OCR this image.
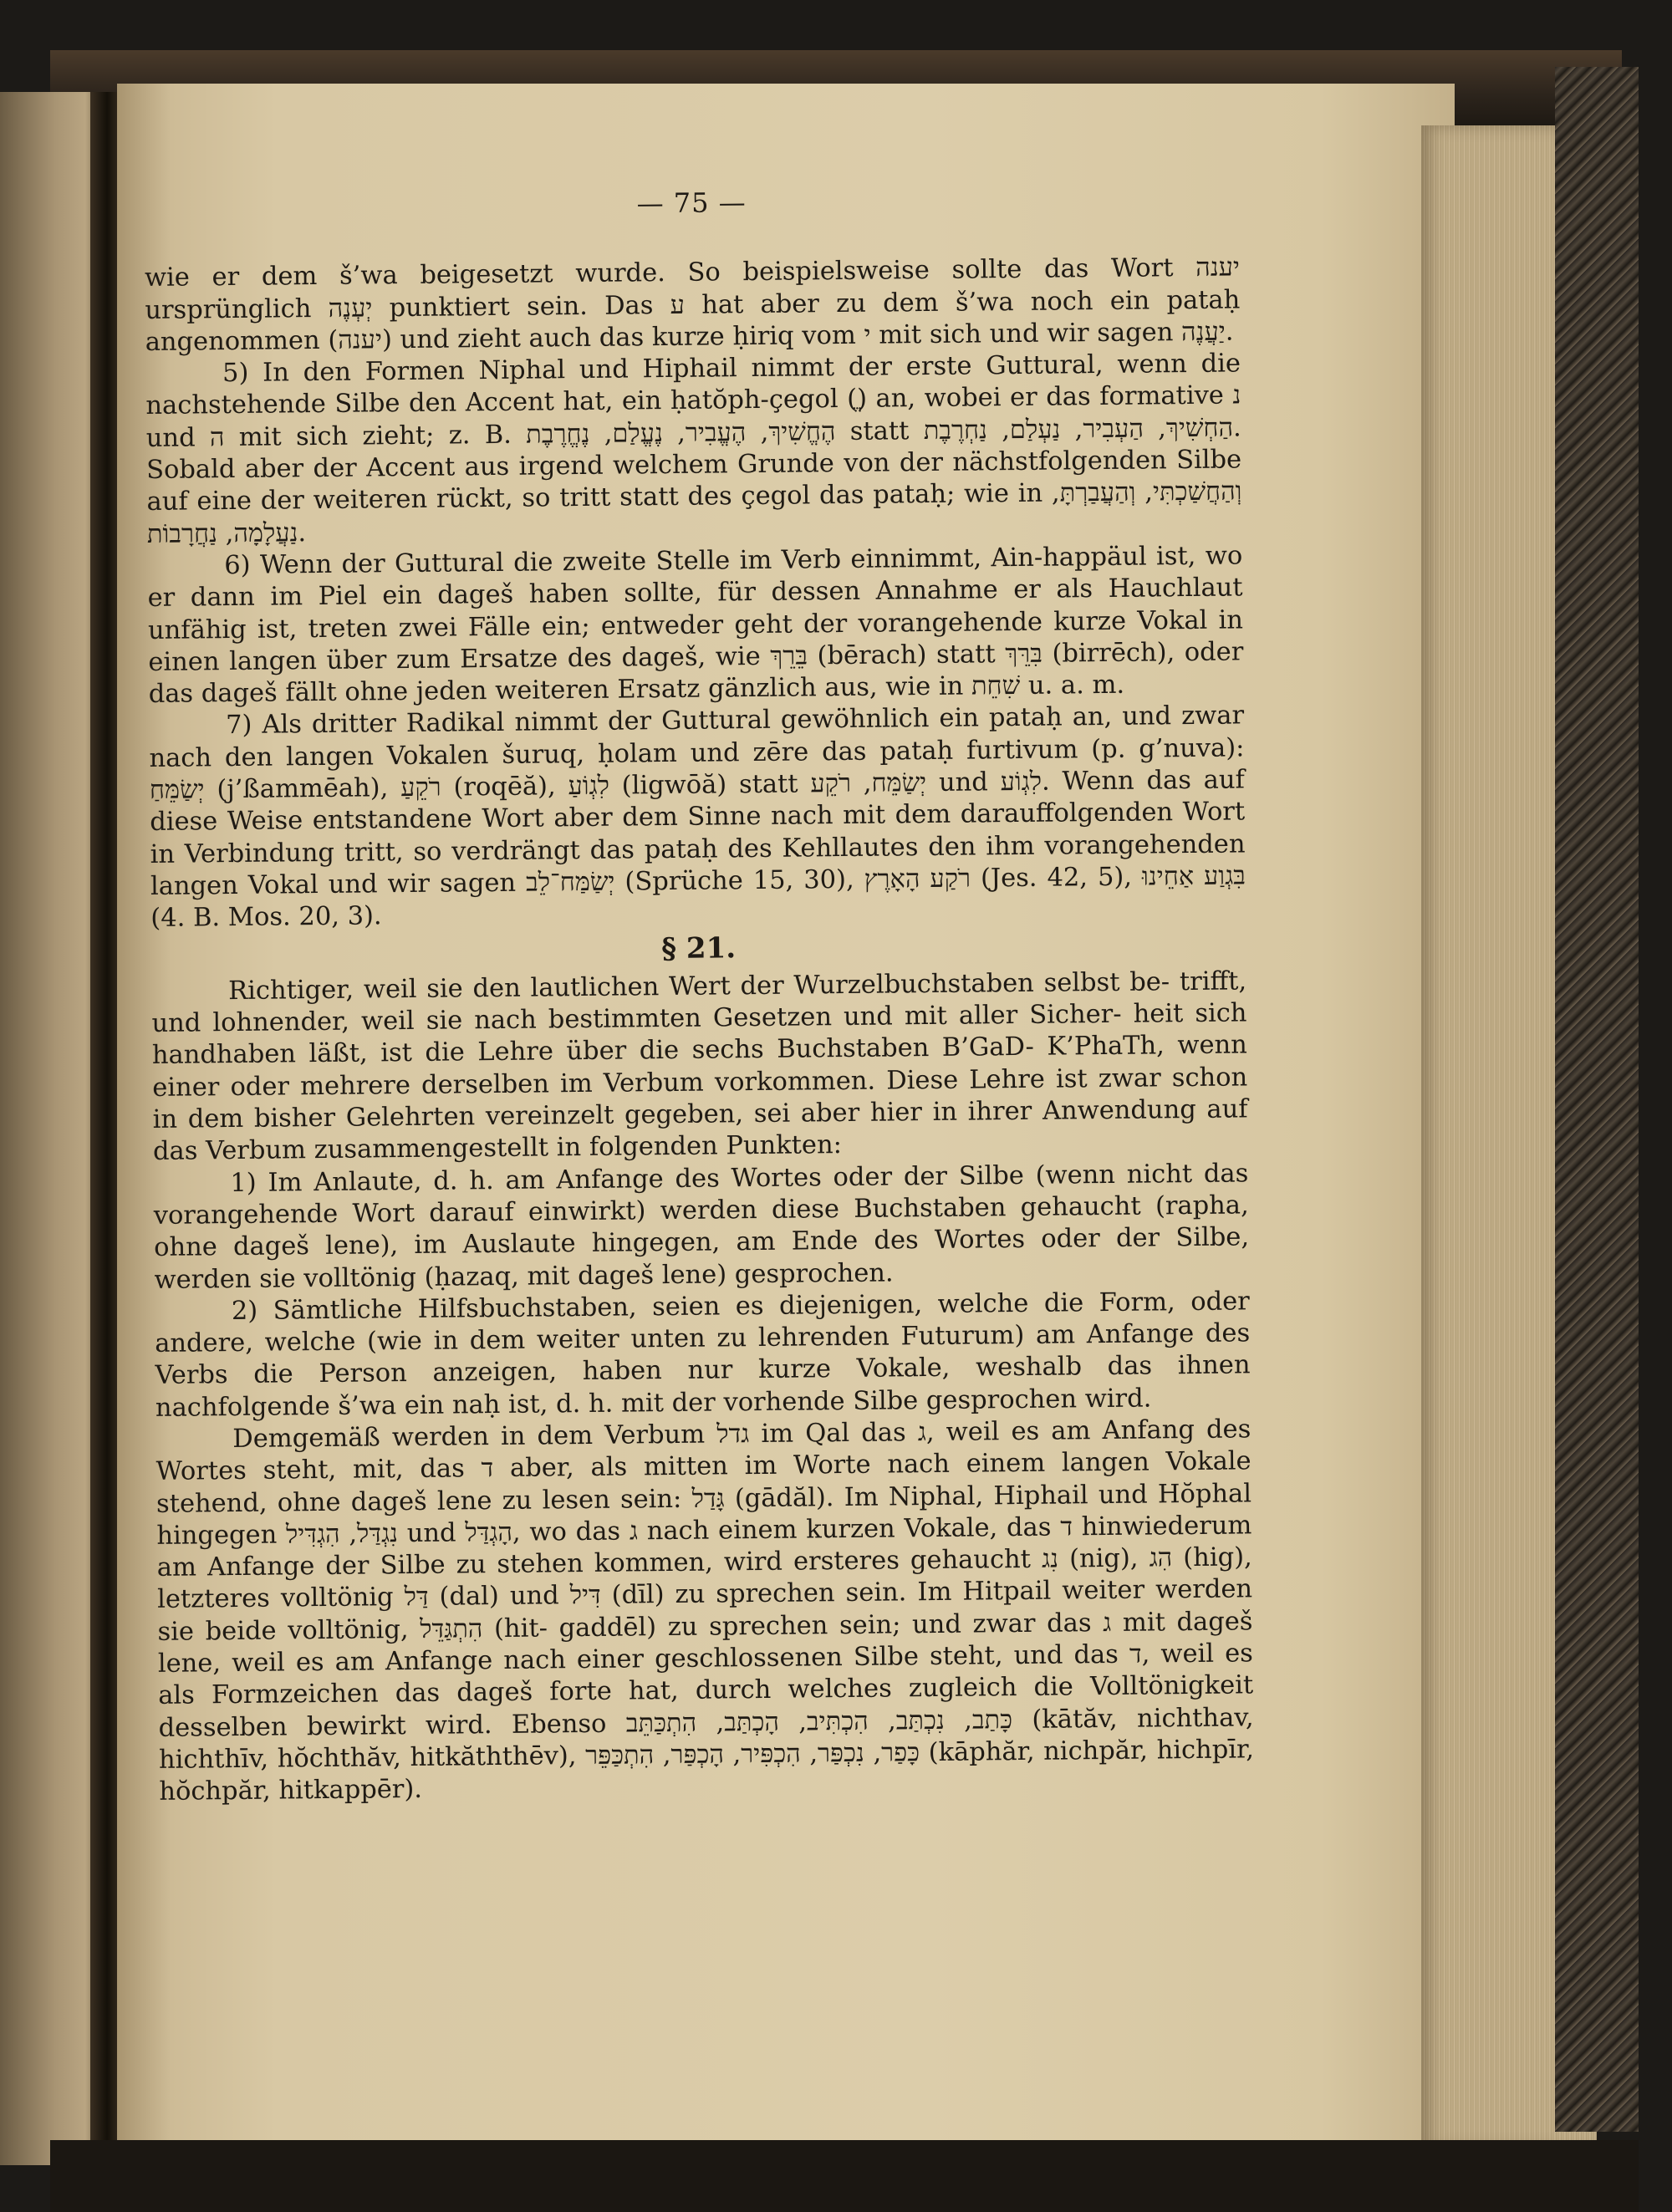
— 75 —

wie er dem š’wa beigesetzt wurde. So beispielsweise sollte das Wort יענה ursprünglich יְעְנֶה punktiert sein. Das ע hat aber zu dem š’wa noch ein pataḥ angenommen (יענה) und zieht auch das kurze ḥiriq vom י mit sich und wir sagen יַעֲנֶה.

5) In den Formen Niphal und Hiphail nimmt der erste Guttural, wenn die nachstehende Silbe den Accent hat, ein ḥatŏph-çegol (ֱ) an, wobei er das formative נ und ה mit sich zieht; z. B. הֶחֱשִׁיךְ, הֶעֱבִיר, נֶעֱלַם, נֶחֱרֶבֶת statt הַחְשִׁיךְ, הַעְבִיר, נַעְלַם, נַחְרֶבֶת. Sobald aber der Accent aus irgend welchem Grunde von der nächstfolgenden Silbe auf eine der weiteren rückt, so tritt statt des çegol das pataḥ; wie in וְהַחֲשַׁכְתִּי, וְהַעֲבַרְתָּ, נַעֲלָמָה, נַחֲרָבוֹת.

6) Wenn der Guttural die zweite Stelle im Verb einnimmt, Ain-happäul ist, wo er dann im Piel ein dageš haben sollte, für dessen Annahme er als Hauchlaut unfähig ist, treten zwei Fälle ein; entweder geht der vorangehende kurze Vokal in einen langen über zum Ersatze des dageš, wie בֵּרֵךְ (bērach) statt בִּרֵּךְ (birrēch), oder das dageš fällt ohne jeden weiteren Ersatz gänzlich aus, wie in שִׁחֵת u. a. m.

7) Als dritter Radikal nimmt der Guttural gewöhnlich ein pataḥ an, und zwar nach den langen Vokalen šuruq, ḥolam und zēre das pataḥ furtivum (p. g’nuva): יְשַׂמֵּחַ (j’ßammēah), רֹקֵעַ (roqēă), לִגְוֹעַ (ligwōă) statt יְשַׂמֵּח, רֹקֵע und לִגְוֹע. Wenn das auf diese Weise entstandene Wort aber dem Sinne nach mit dem darauffolgenden Wort in Verbindung tritt, so verdrängt das pataḥ des Kehllautes den ihm vorangehenden langen Vokal und wir sagen יְשַׂמַּח־לֵב (Sprüche 15, 30), רֹקַע הָאָרֶץ (Jes. 42, 5), בִּגְוַע אַחֵינוּ (4. B. Mos. 20, 3).

§ 21.

Richtiger, weil sie den lautlichen Wert der Wurzelbuchstaben selbst be- trifft, und lohnender, weil sie nach bestimmten Gesetzen und mit aller Sicher- heit sich handhaben läßt, ist die Lehre über die sechs Buchstaben B’GaD- K’PhaTh, wenn einer oder mehrere derselben im Verbum vorkommen. Diese Lehre ist zwar schon in dem bisher Gelehrten vereinzelt gegeben, sei aber hier in ihrer Anwendung auf das Verbum zusammengestellt in folgenden Punkten:

1) Im Anlaute, d. h. am Anfange des Wortes oder der Silbe (wenn nicht das vorangehende Wort darauf einwirkt) werden diese Buchstaben gehaucht (rapha, ohne dageš lene), im Auslaute hingegen, am Ende des Wortes oder der Silbe, werden sie volltönig (ḥazaq, mit dageš lene) gesprochen.

2) Sämtliche Hilfsbuchstaben, seien es diejenigen, welche die Form, oder andere, welche (wie in dem weiter unten zu lehrenden Futurum) am Anfange des Verbs die Person anzeigen, haben nur kurze Vokale, weshalb das ihnen nachfolgende š’wa ein naḥ ist, d. h. mit der vorhende Silbe gesprochen wird.

Demgemäß werden in dem Verbum גדל im Qal das ג, weil es am Anfang des Wortes steht, mit, das ד aber, als mitten im Worte nach einem langen Vokale stehend, ohne dageš lene zu lesen sein: גָּדַל (gādăl). Im Niphal, Hiphail und Hŏphal hingegen נִגְדַּל, הִגְדִּיל und הָגְדַּל, wo das ג nach einem kurzen Vokale, das ד hinwiederum am Anfange der Silbe zu stehen kommen, wird ersteres gehaucht נִג (nig), הִג (hig), letzteres volltönig דַּל (dal) und דִּיל (dīl) zu sprechen sein. Im Hitpail weiter werden sie beide volltönig, הִתְגַּדֵּל (hit- gaddēl) zu sprechen sein; und zwar das ג mit dageš lene, weil es am Anfange nach einer geschlossenen Silbe steht, und das ד, weil es als Formzeichen das dageš forte hat, durch welches zugleich die Volltönigkeit desselben bewirkt wird. Ebenso כָּתַב, נִכְתַּב, הִכְתִּיב, הָכְתַּב, הִתְכַּתֵּב (kātăv, nichthav, hichthīv, hŏchthăv, hitkăththēv), כָּפַר, נִכְפַּר, הִכְפִּיר, הָכְפַּר, הִתְכַּפֵּר (kāphăr, nichpăr, hichpīr, hŏchpăr, hitkappēr).
